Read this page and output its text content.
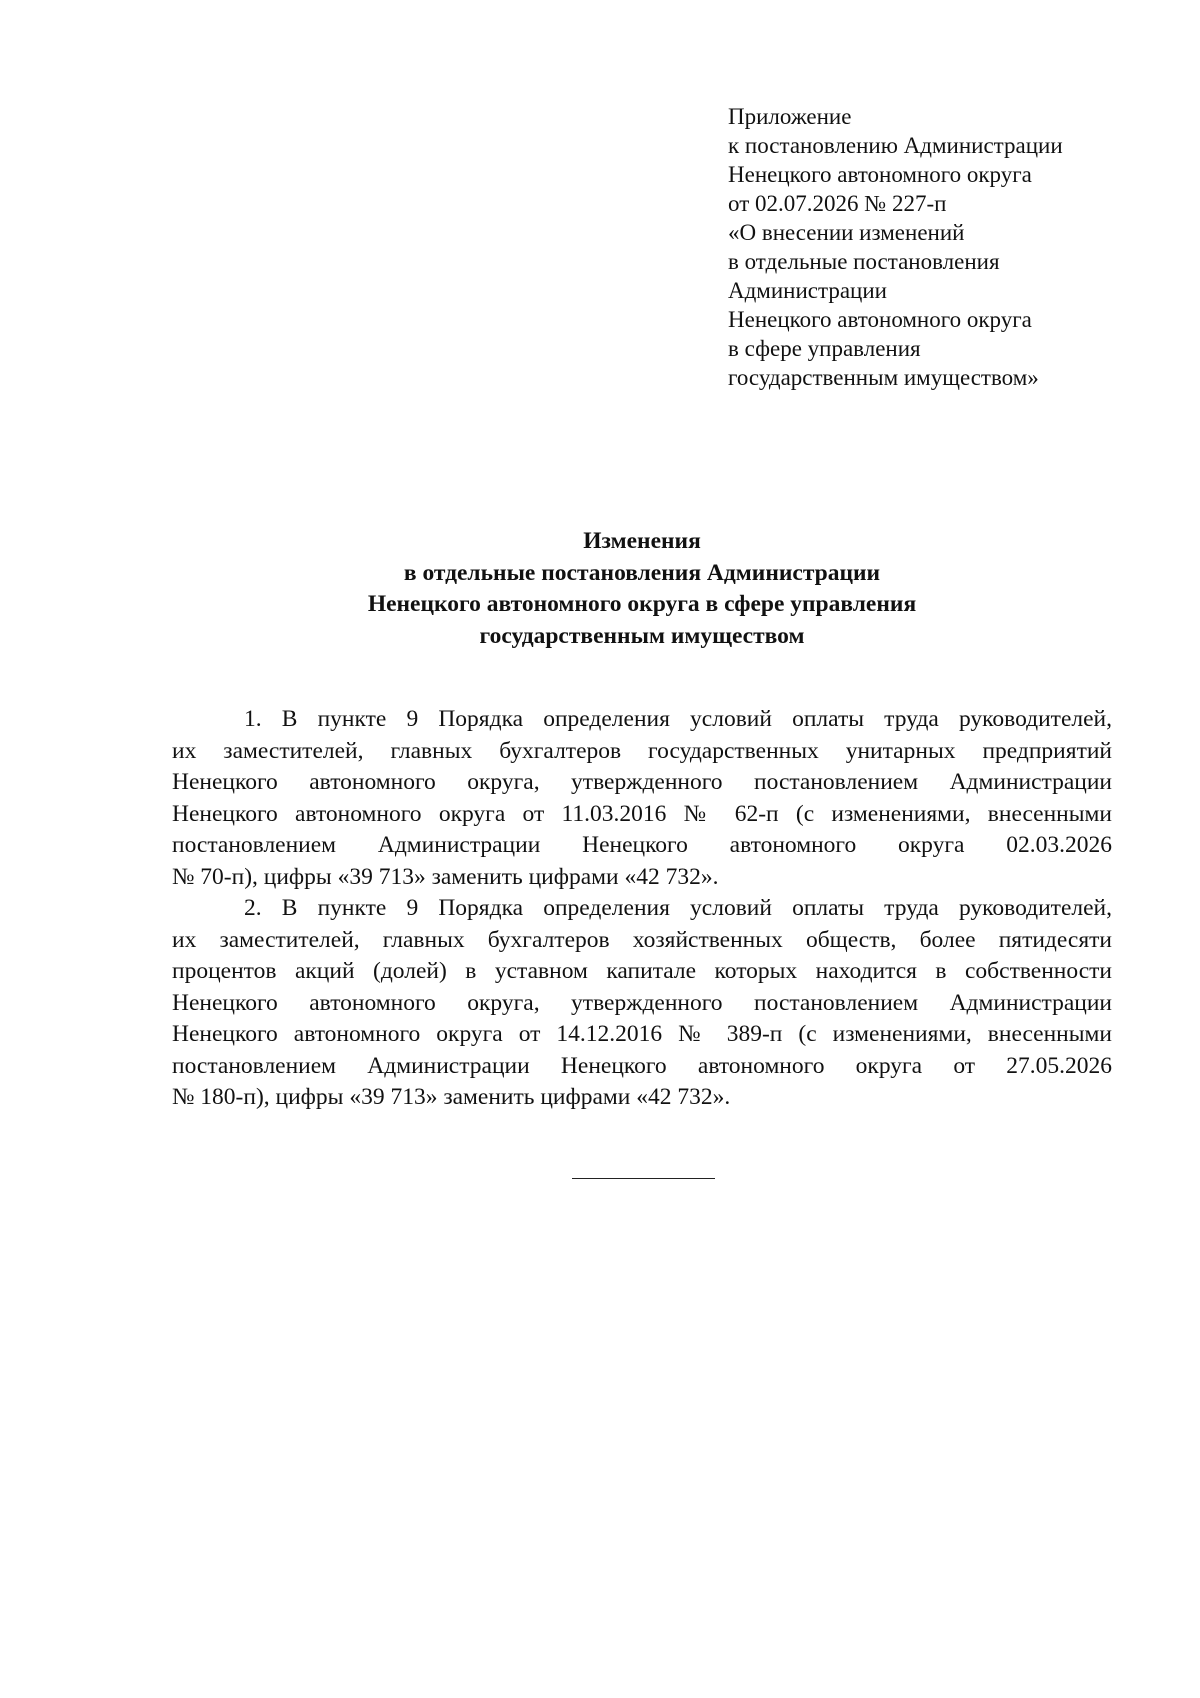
Приложение
к постановлению Администрации
Ненецкого автономного округа
от 02.07.2026 № 227-п
«О внесении изменений
в отдельные постановления
Администрации
Ненецкого автономного округа
в сфере управления
государственным имуществом»
Изменения
в отдельные постановления Администрации
Ненецкого автономного округа в сфере управления
государственным имуществом
1. В пункте 9 Порядка определения условий оплаты труда руководителей,
их заместителей, главных бухгалтеров государственных унитарных предприятий
Ненецкого автономного округа, утвержденного постановлением Администрации
Ненецкого автономного округа от 11.03.2016 № 62-п (с изменениями, внесенными
постановлением Администрации Ненецкого автономного округа 02.03.2026
№ 70-п), цифры «39 713» заменить цифрами «42 732».
2. В пункте 9 Порядка определения условий оплаты труда руководителей,
их заместителей, главных бухгалтеров хозяйственных обществ, более пятидесяти
процентов акций (долей) в уставном капитале которых находится в собственности
Ненецкого автономного округа, утвержденного постановлением Администрации
Ненецкого автономного округа от 14.12.2016 № 389-п (с изменениями, внесенными
постановлением Администрации Ненецкого автономного округа от 27.05.2026
№ 180-п), цифры «39 713» заменить цифрами «42 732».
